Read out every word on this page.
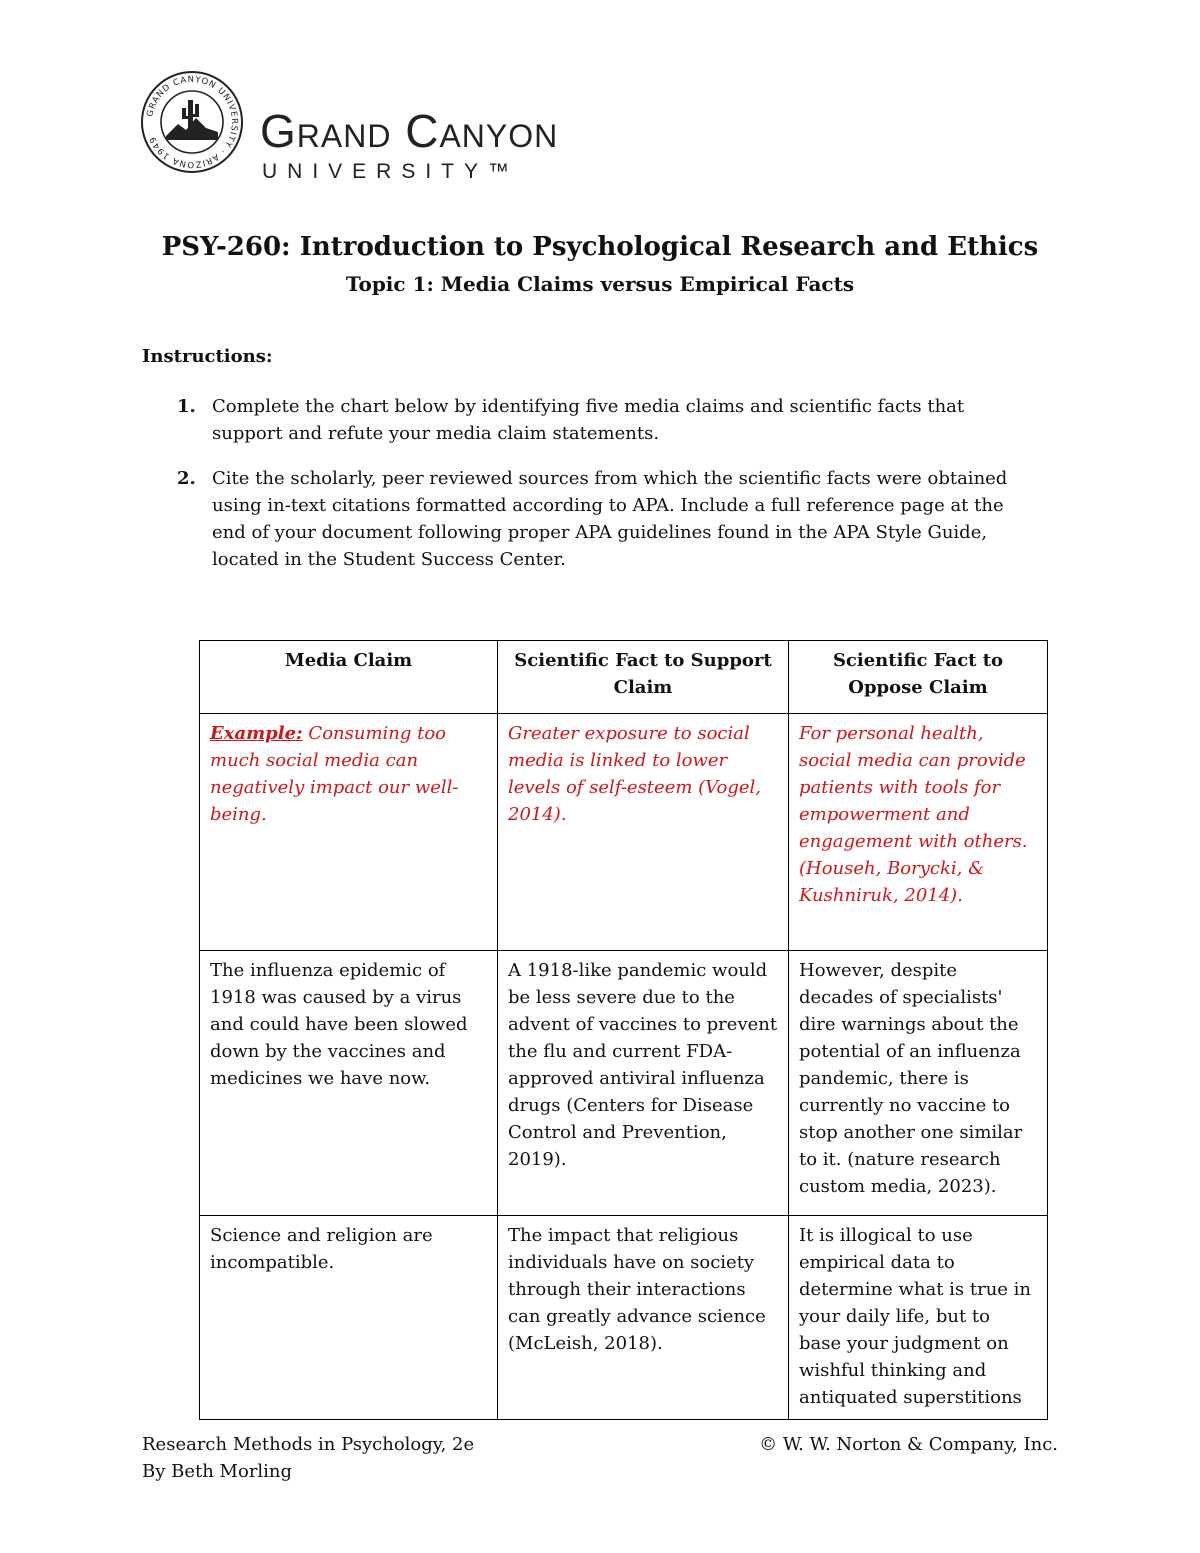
GRAND CANYON UNIVERSITY · ARIZONA 1949	Grand Canyon
UNIVERSITY™
PSY-260: Introduction to Psychological Research and Ethics
Topic 1: Media Claims versus Empirical Facts
Instructions:
1. Complete the chart below by identifying five media claims and scientific facts that support and refute your media claim statements.
2. Cite the scholarly, peer reviewed sources from which the scientific facts were obtained using in-text citations formatted according to APA. Include a full reference page at the end of your document following proper APA guidelines found in the APA Style Guide, located in the Student Success Center.
Media Claim	Scientific Fact to Support Claim	Scientific Fact to Oppose Claim
Example: Consuming too much social media can negatively impact our well-being.	Greater exposure to social media is linked to lower levels of self-esteem (Vogel, 2014).	For personal health, social media can provide patients with tools for empowerment and engagement with others. (Househ, Borycki, & Kushniruk, 2014).
The influenza epidemic of 1918 was caused by a virus and could have been slowed down by the vaccines and medicines we have now.	A 1918-like pandemic would be less severe due to the advent of vaccines to prevent the flu and current FDA-approved antiviral influenza drugs (Centers for Disease Control and Prevention, 2019).	However, despite decades of specialists' dire warnings about the potential of an influenza pandemic, there is currently no vaccine to stop another one similar to it. (nature research custom media, 2023).
Science and religion are incompatible.	The impact that religious individuals have on society through their interactions can greatly advance science (McLeish, 2018).	It is illogical to use empirical data to determine what is true in your daily life, but to base your judgment on wishful thinking and antiquated superstitions
Research Methods in Psychology, 2e
By Beth Morling
© W. W. Norton & Company, Inc.
